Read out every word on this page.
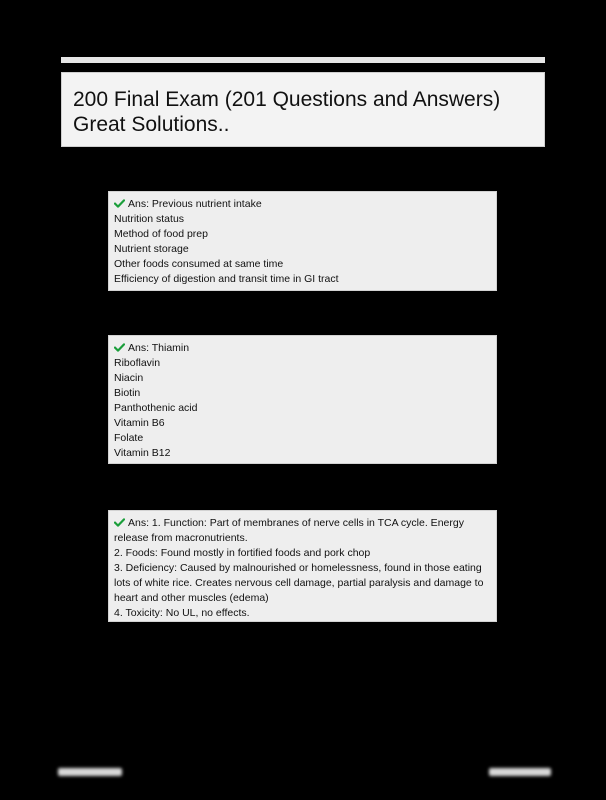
200 Final Exam (201 Questions and Answers)
Great Solutions..
Ans: Previous nutrient intake
Nutrition status
Method of food prep
Nutrient storage
Other foods consumed at same time
Efficiency of digestion and transit time in GI tract
Ans: Thiamin
Riboflavin
Niacin
Biotin
Panthothenic acid
Vitamin B6
Folate
Vitamin B12
Ans: 1. Function: Part of membranes of nerve cells in TCA cycle. Energy release from macronutrients.
2. Foods: Found mostly in fortified foods and pork chop
3. Deficiency: Caused by malnourished or homelessness, found in those eating lots of white rice. Creates nervous cell damage, partial paralysis and damage to heart and other muscles (edema)
4. Toxicity: No UL, no effects.
